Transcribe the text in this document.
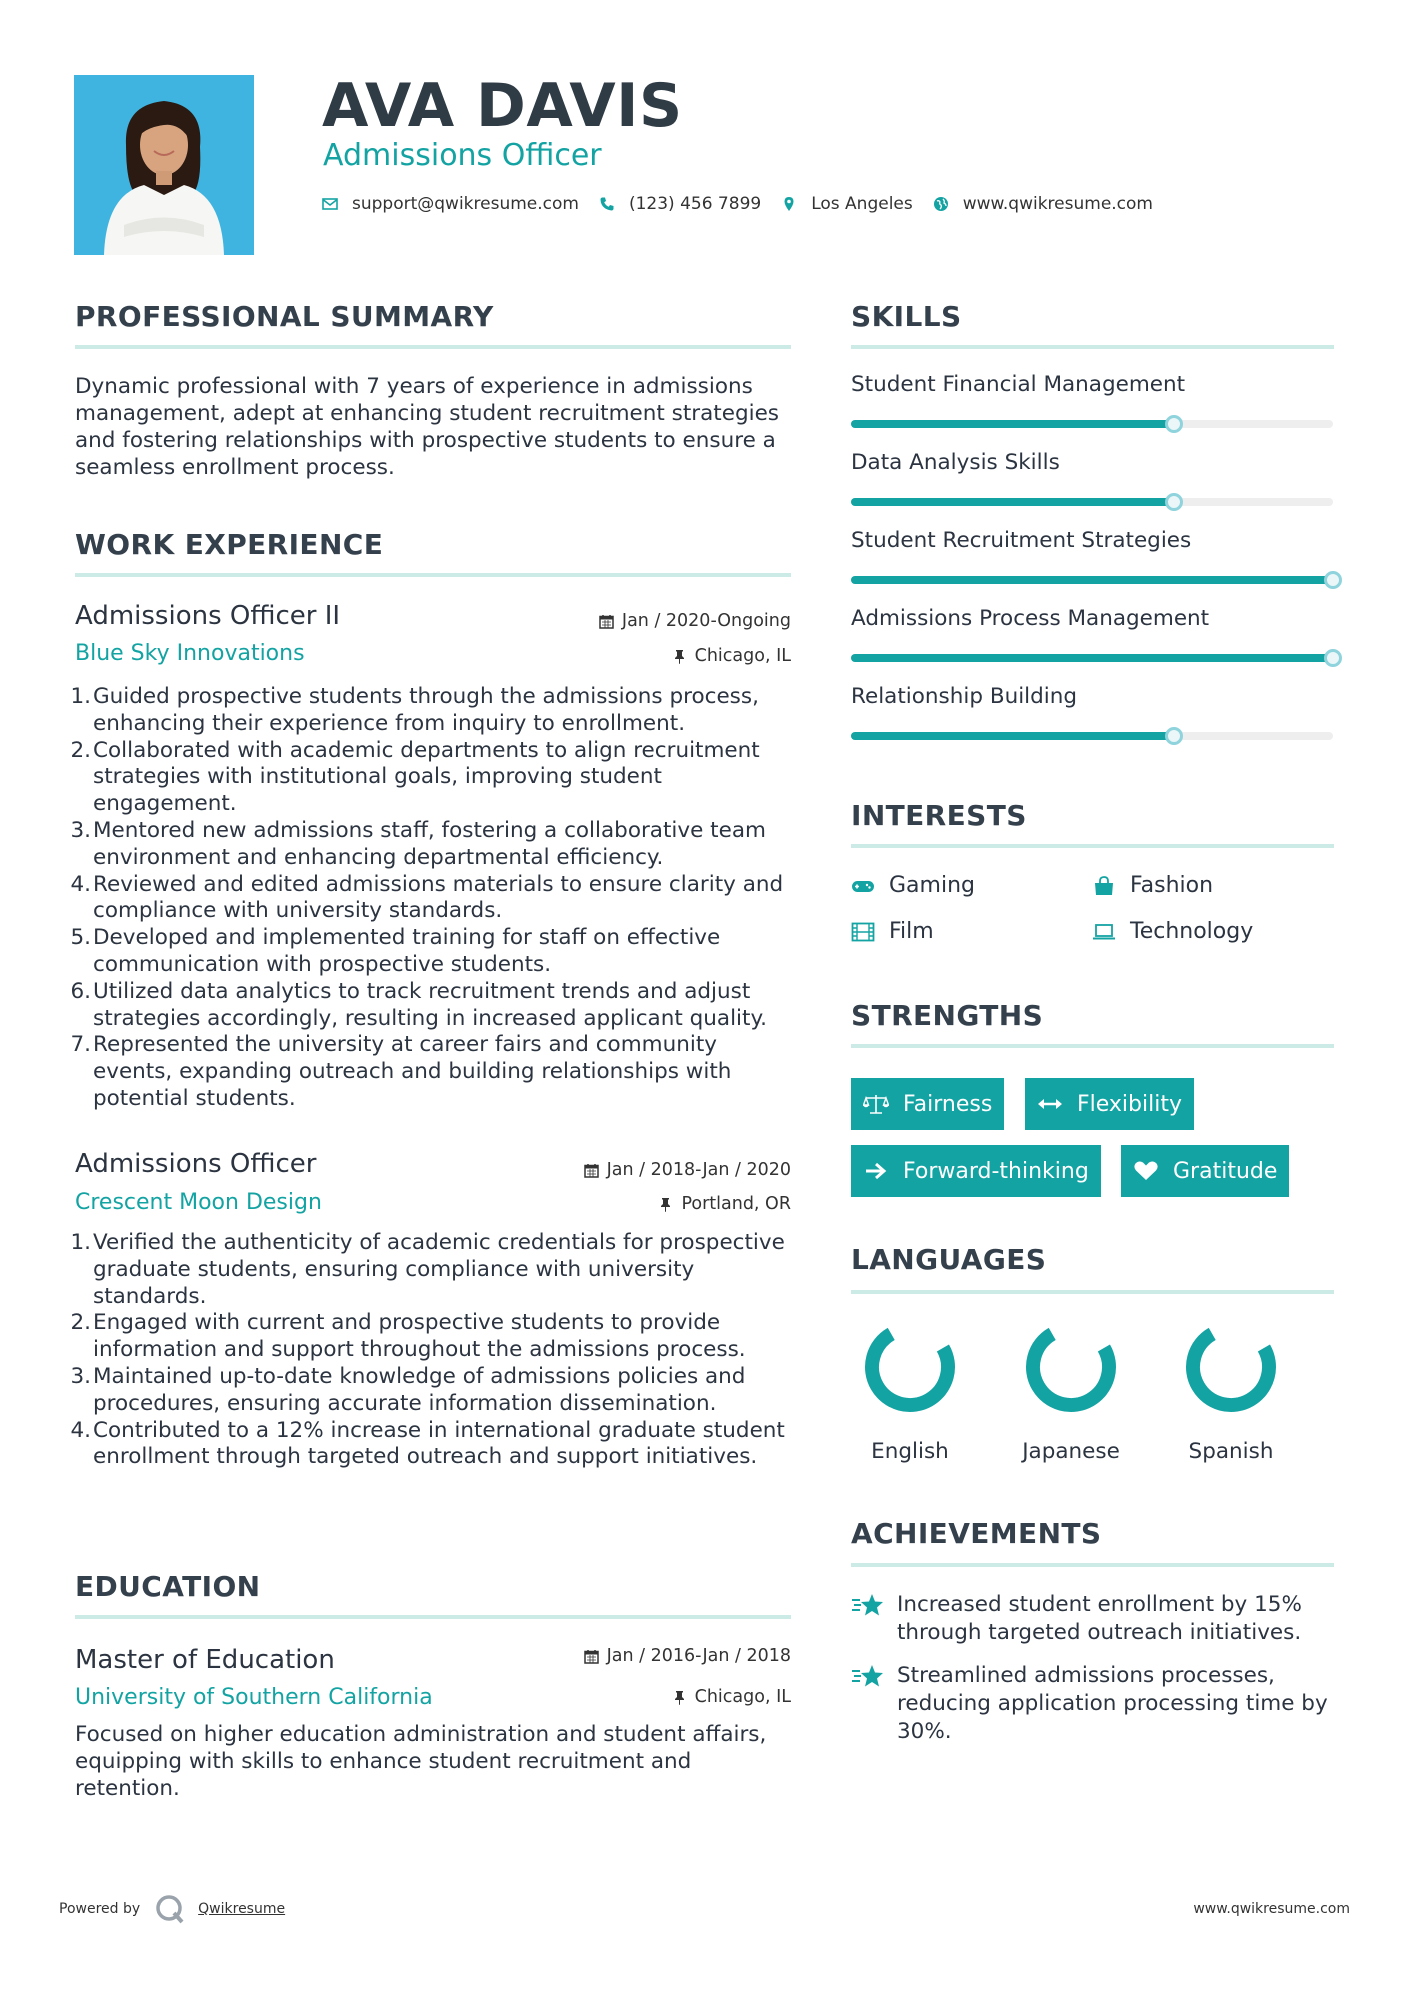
AVA DAVIS
Admissions Officer
support@qwikresume.com	(123) 456 7899	Los Angeles	www.qwikresume.com
PROFESSIONAL SUMMARY
Dynamic professional with 7 years of experience in admissions management, adept at enhancing student recruitment strategies and fostering relationships with prospective students to ensure a seamless enrollment process.
WORK EXPERIENCE
Admissions Officer II	Jan / 2020-Ongoing
Blue Sky Innovations	Chicago, IL
1. Guided prospective students through the admissions process, enhancing their experience from inquiry to enrollment.
2. Collaborated with academic departments to align recruitment strategies with institutional goals, improving student engagement.
3. Mentored new admissions staff, fostering a collaborative team environment and enhancing departmental efficiency.
4. Reviewed and edited admissions materials to ensure clarity and compliance with university standards.
5. Developed and implemented training for staff on effective communication with prospective students.
6. Utilized data analytics to track recruitment trends and adjust strategies accordingly, resulting in increased applicant quality.
7. Represented the university at career fairs and community events, expanding outreach and building relationships with potential students.
Admissions Officer	Jan / 2018-Jan / 2020
Crescent Moon Design	Portland, OR
1. Verified the authenticity of academic credentials for prospective graduate students, ensuring compliance with university standards.
2. Engaged with current and prospective students to provide information and support throughout the admissions process.
3. Maintained up-to-date knowledge of admissions policies and procedures, ensuring accurate information dissemination.
4. Contributed to a 12% increase in international graduate student enrollment through targeted outreach and support initiatives.
EDUCATION
Master of Education	Jan / 2016-Jan / 2018
University of Southern California	Chicago, IL
Focused on higher education administration and student affairs, equipping with skills to enhance student recruitment and retention.
SKILLS
Student Financial Management
Data Analysis Skills
Student Recruitment Strategies
Admissions Process Management
Relationship Building
INTERESTS
Gaming	Fashion
Film	Technology
STRENGTHS
Fairness	Flexibility
Forward-thinking	Gratitude
LANGUAGES
English	Japanese	Spanish
ACHIEVEMENTS
Increased student enrollment by 15% through targeted outreach initiatives.
Streamlined admissions processes, reducing application processing time by 30%.
Powered by	Qwikresume	www.qwikresume.com
